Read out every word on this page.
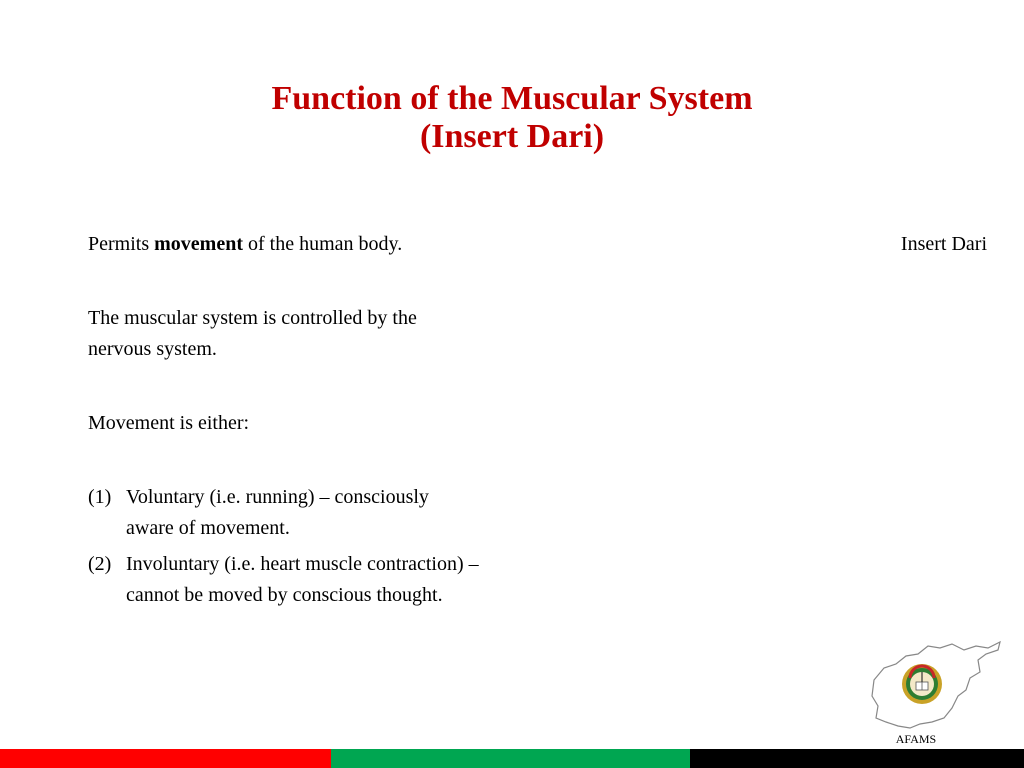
Function of the Muscular System
(Insert Dari)

Permits movement of the human body.

The muscular system is controlled by the nervous system.

Movement is either:

(1) Voluntary (i.e. running) – consciously aware of movement.
(2) Involuntary (i.e. heart muscle contraction) – cannot be moved by conscious thought.
Insert Dari
AFAMS
